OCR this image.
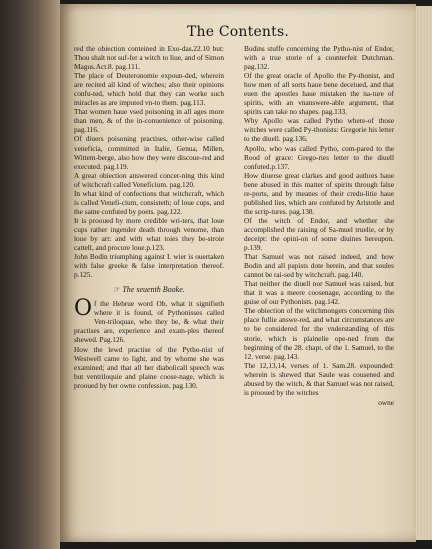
The Contents.
red the obiection conteined in Exo-das.22.10 but: Thou shalt not suf-fer a witch to liue, and of Simon Magus.Act.8. pag.111.
The place of Deuteronomie expoun-ded, wherein are recited all kind of witches; also their opinions confu-ted, which hold that they can worke such miracles as are imputed vn-to them. pag.113.
That women haue vsed poisoning in all ages more than men, & of the in-conuenience of poisoning. pag.116.
Of diuers poisoning practises, other-wise called veneficia, committed in Italie, Genua, Millen, Wittem-berge, also how they were discoue-red and executed. pag.119.
A great obiection answered concer-ning this kind of witchcraft called Veneficium. pag.120.
In what kind of confections that witchcraft, which is called Venefi-cium, consisteth; of loue cups, and the same confuted by poets. pag.122.
It is prooued by more credible wri-ters, that loue cups rather ingender death through venome, than loue by art: and with what toies they be-stroie cattell, and procure loue.p.123.
John Bodin triumphing against I. wier is ouertaken with false greeke & false interpretation thereof. p.125.
☞ The seuenth Booke.
Of the Hebrue word Ob, what it signifieth where it is found, of Pythonisses called Ven-triloquae, who they be, & what their practises are, experience and exam-ples thereof shewed. Pag.126.
How the lewd practise of the Pytho-nist of Westwell came to light, and by whome she was examined; and that all her diabolicall speech was but ventriloquie and plaine coose-nage, which is prooued by her owne confession. pag.130.
Bodins stuffe concerning the Pytho-nist of Endor, with a true storie of a counterfeit Dutchman. pag.132.
Of the great oracle of Apollo the Py-thonist, and how men of all sorts haue bene deceiued, and that euen the apostles haue mistaken the na-ture of spirits, with an vnanswere-able argument, that spirits can take no shapes. pag.133.
Why Apollo was called Pytho where-of those witches were called Py-thonists: Gregorie his letter to the diuell. pag.136.
Apollo, who was called Pytho, com-pared to the Rood of grace: Grego-ries letter to the diuell confuted.p.137.
How diuerse great clarkes and good authors haue bene abused in this matter of spirits through false re-ports, and by meanes of their credu-litie haue published lies, which are confuted by Aristotle and the scrip-tures. pag.138.
Of the witch of Endor, and whether she accomplished the raising of Sa-muel truelie, or by deceipt: the opini-on of some diuines hereupon. p.139.
That Samuel was not raised indeed, and how Bodin and all papists dote herein, and that soules cannot be rai-sed by witchcraft. pag.140.
That neither the diuell nor Samuel was raised, but that it was a meere coosenage, according to the guise of our Pythonists. pag.142.
The obiection of the witchmongers concerning this place fullie answe-red, and what circumstances are to be considered for the vnderstanding of this storie, which is plainelie ope-ned from the beginning of the 28. chapt. of the 1. Samuel, to the 12. verse. pag.143.
The 12,13,14, verses of 1. Sam.28. expounded: wherein is shewed that Saule was cousened and abused by the witch, & that Samuel was not raised, is prooued by the witches
owne
